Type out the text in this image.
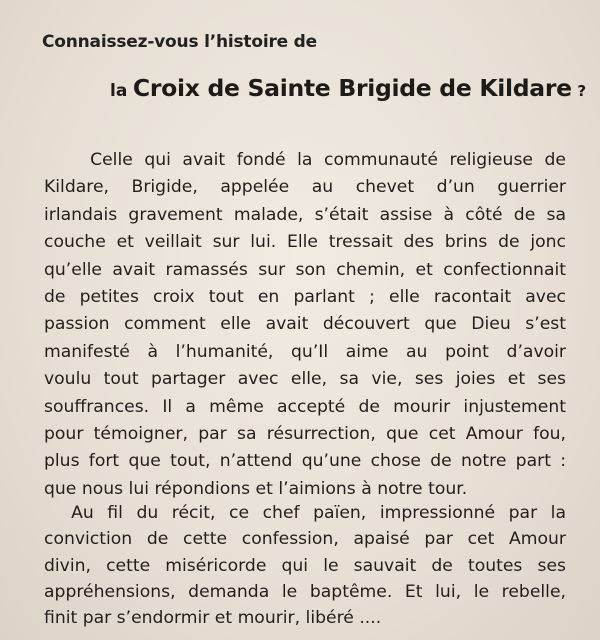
Connaissez-vous l’histoire de
la Croix de Sainte Brigide de Kildare ?
Celle qui avait fondé la communauté religieuse de
Kildare, Brigide, appelée au chevet d’un guerrier
irlandais gravement malade, s’était assise à côté de sa
couche et veillait sur lui. Elle tressait des brins de jonc
qu’elle avait ramassés sur son chemin, et confectionnait
de petites croix tout en parlant ; elle racontait avec
passion comment elle avait découvert que Dieu s’est
manifesté à l’humanité, qu’Il aime au point d’avoir
voulu tout partager avec elle, sa vie, ses joies et ses
souffrances. Il a même accepté de mourir injustement
pour témoigner, par sa résurrection, que cet Amour fou,
plus fort que tout, n’attend qu’une chose de notre part :
que nous lui répondions et l’aimions à notre tour.
Au fil du récit, ce chef païen, impressionné par la
conviction de cette confession, apaisé par cet Amour
divin, cette miséricorde qui le sauvait de toutes ses
appréhensions, demanda le baptême. Et lui, le rebelle,
finit par s’endormir et mourir, libéré ....
